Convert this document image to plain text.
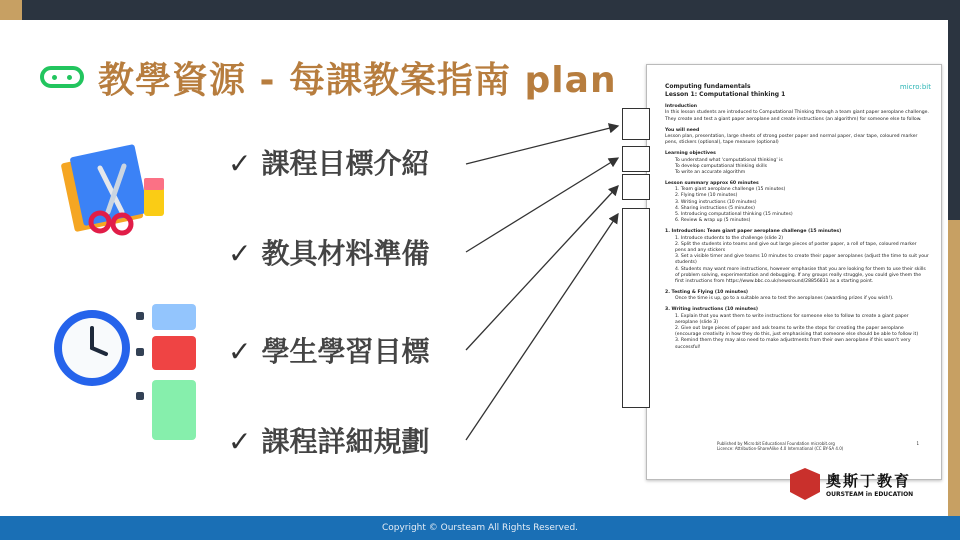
教學資源 - 每課教案指南 plan
✓ 課程目標介紹
✓ 教具材料準備
✓ 學生學習目標
✓ 課程詳細規劃
micro:bit
Computing fundamentals
Lesson 1: Computational thinking 1
Introduction
In this lesson students are introduced to Computational Thinking through a team giant paper aeroplane challenge. They create and test a giant paper aeroplane and create instructions (an algorithm) for someone else to follow.
You will need
Lesson plan, presentation, large sheets of strong poster paper and normal paper, clear tape, coloured marker pens, stickers (optional), tape measure (optional)
Learning objectives
To understand what 'computational thinking' is
To develop computational thinking skills
To write an accurate algorithm
Lesson summary approx 60 minutes
1. Team giant aeroplane challenge (15 minutes)
2. Flying time (10 minutes)
3. Writing instructions (10 minutes)
4. Sharing instructions (5 minutes)
5. Introducing computational thinking (15 minutes)
6. Review & wrap up (5 minutes)
1. Introduction: Team giant paper aeroplane challenge (15 minutes)
1. Introduce students to the challenge (slide 2)
2. Split the students into teams and give out large pieces of poster paper, a roll of tape, coloured marker pens and any stickers
3. Set a visible timer and give teams 10 minutes to create their paper aeroplanes (adjust the time to suit your students)
4. Students may want more instructions, however emphasise that you are looking for them to use their skills of problem solving, experimentation and debugging. If any groups really struggle, you could give them the first instructions from https://www.bbc.co.uk/newsround/28856831 as a starting point.
2. Testing & Flying (10 minutes)
Once the time is up, go to a suitable area to test the aeroplanes (awarding prizes if you wish!).
3. Writing instructions (10 minutes)
1. Explain that you want them to write instructions for someone else to follow to create a giant paper aeroplane (slide 3)
2. Give out large pieces of paper and ask teams to write the steps for creating the paper aeroplane (encourage creativity in how they do this, just emphasising that someone else should be able to follow it)
3. Remind them they may also need to make adjustments from their own aeroplane if this wasn't very successful!
Published by Micro:bit Educational Foundation microbit.org
Licence: Attribution-ShareAlike 4.0 International (CC BY-SA 4.0)
1
奧斯丁教育
OURSTEAM in EDUCATION
Copyright © Oursteam All Rights Reserved.
